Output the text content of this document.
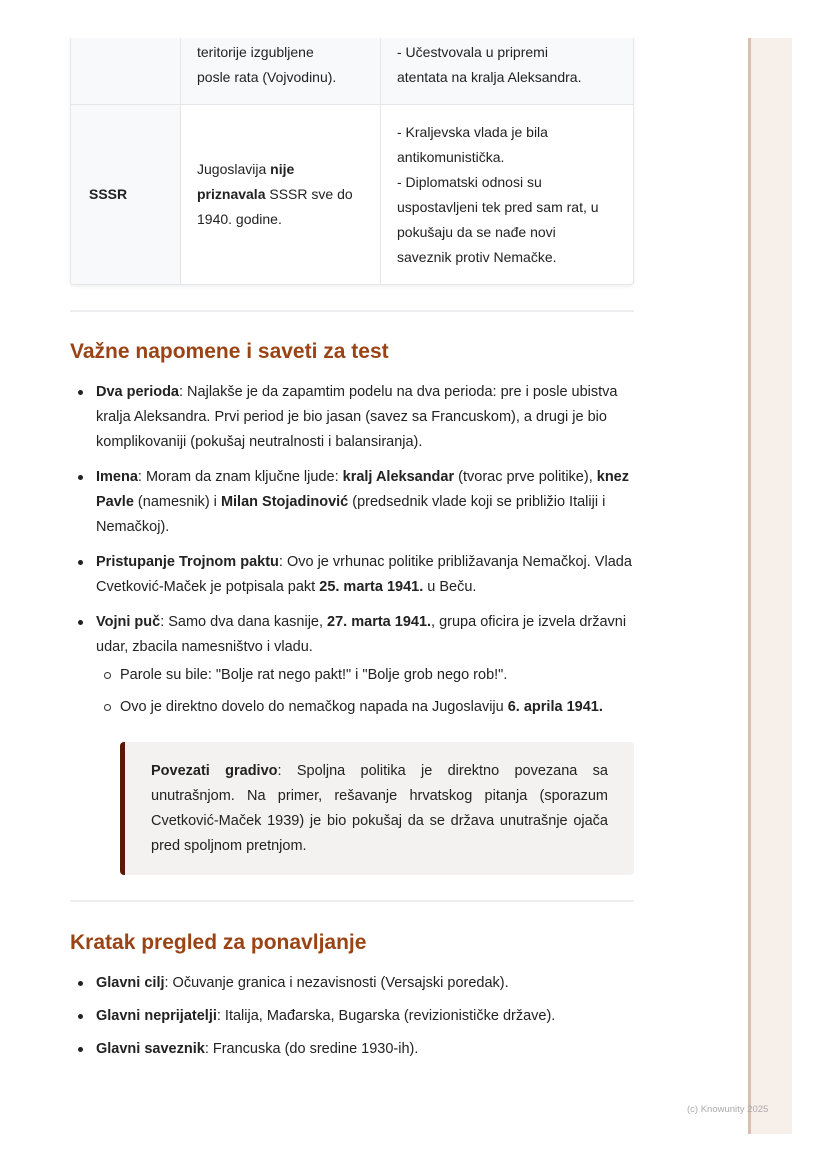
teritorije izgubljene
posle rata (Vojvodinu).
- Učestvovala u pripremi
atentata na kralja Aleksandra.
SSSR
Jugoslavija nije priznavala SSSR sve do 1940. godine.
- Kraljevska vlada je bila
antikomunistička.
- Diplomatski odnosi su
uspostavljeni tek pred sam rat, u
pokušaju da se nađe novi
saveznik protiv Nemačke.
Važne napomene i saveti za test
Dva perioda: Najlakše je da zapamtim podelu na dva perioda: pre i posle ubistva kralja Aleksandra. Prvi period je bio jasan (savez sa Francuskom), a drugi je bio komplikovaniji (pokušaj neutralnosti i balansiranja).
Imena: Moram da znam ključne ljude: kralj Aleksandar (tvorac prve politike), knez Pavle (namesnik) i Milan Stojadinović (predsednik vlade koji se približio Italiji i Nemačkoj).
Pristupanje Trojnom paktu: Ovo je vrhunac politike približavanja Nemačkoj. Vlada Cvetković-Maček je potpisala pakt 25. marta 1941. u Beču.
Vojni puč: Samo dva dana kasnije, 27. marta 1941., grupa oficira je izvela državni udar, zbacila namesništvo i vladu.
Parole su bile: "Bolje rat nego pakt!" i "Bolje grob nego rob!".
Ovo je direktno dovelo do nemačkog napada na Jugoslaviju 6. aprila 1941.
Povezati gradivo: Spoljna politika je direktno povezana sa unutrašnjom. Na primer, rešavanje hrvatskog pitanja (sporazum Cvetković-Maček 1939) je bio pokušaj da se država unutrašnje ojača pred spoljnom pretnjom.
Kratak pregled za ponavljanje
Glavni cilj: Očuvanje granica i nezavisnosti (Versajski poredak).
Glavni neprijatelji: Italija, Mađarska, Bugarska (revizionističke države).
Glavni saveznik: Francuska (do sredine 1930-ih).
(c) Knowunity 2025
